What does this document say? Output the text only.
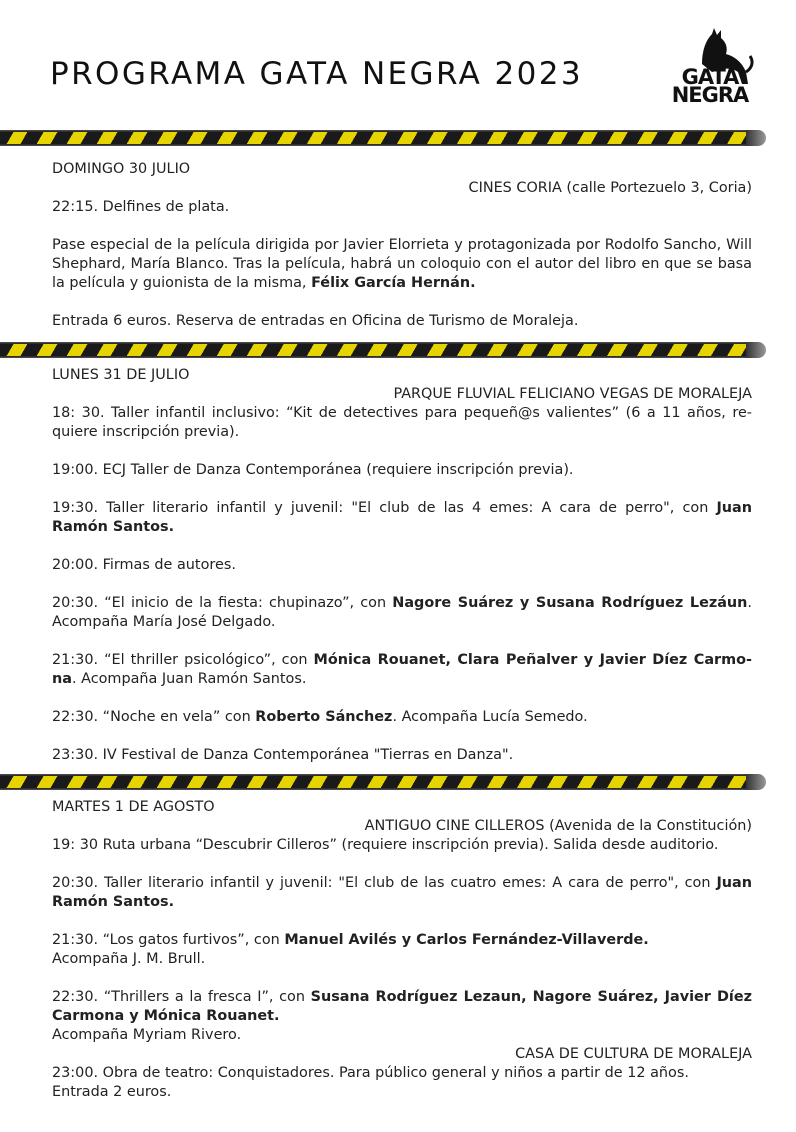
PROGRAMA GATA NEGRA 2023	GATA
NEGRA
DOMINGO 30 JULIO
CINES CORIA (calle Portezuelo 3, Coria)

22:15. Delfines de plata.

Pase especial de la película dirigida por Javier Elorrieta y protagonizada por Rodolfo Sancho, Will Shephard, María Blanco. Tras la película, habrá un coloquio con el autor del libro en que se basa la película y guionista de la misma, Félix García Hernán.

Entrada 6 euros. Reserva de entradas en Oficina de Turismo de Moraleja.

LUNES 31 DE JULIO
PARQUE FLUVIAL FELICIANO VEGAS DE MORALEJA

18: 30. Taller infantil inclusivo: “Kit de detectives para pequeñ@s valientes” (6 a 11 años, re-quiere inscripción previa).

19:00. ECJ Taller de Danza Contemporánea (requiere inscripción previa).

19:30. Taller literario infantil y juvenil: "El club de las 4 emes: A cara de perro", con Juan Ramón Santos.

20:00. Firmas de autores.

20:30. “El inicio de la fiesta: chupinazo”, con Nagore Suárez y Susana Rodríguez Lezáun. Acompaña María José Delgado.

21:30. “El thriller psicológico”, con Mónica Rouanet, Clara Peñalver y Javier Díez Carmo-na. Acompaña Juan Ramón Santos.

22:30. “Noche en vela” con Roberto Sánchez. Acompaña Lucía Semedo.

23:30. IV Festival de Danza Contemporánea "Tierras en Danza".

MARTES 1 DE AGOSTO
ANTIGUO CINE CILLEROS (Avenida de la Constitución)

19: 30 Ruta urbana “Descubrir Cilleros” (requiere inscripción previa). Salida desde auditorio.

20:30. Taller literario infantil y juvenil: "El club de las cuatro emes: A cara de perro", con Juan Ramón Santos.

21:30. “Los gatos furtivos”, con Manuel Avilés y Carlos Fernández-Villaverde.

Acompaña J. M. Brull.

22:30. “Thrillers a la fresca I”, con Susana Rodríguez Lezaun, Nagore Suárez, Javier Díez Carmona y Mónica Rouanet.

Acompaña Myriam Rivero.

CASA DE CULTURA DE MORALEJA

23:00. Obra de teatro: Conquistadores. Para público general y niños a partir de 12 años.

Entrada 2 euros.
